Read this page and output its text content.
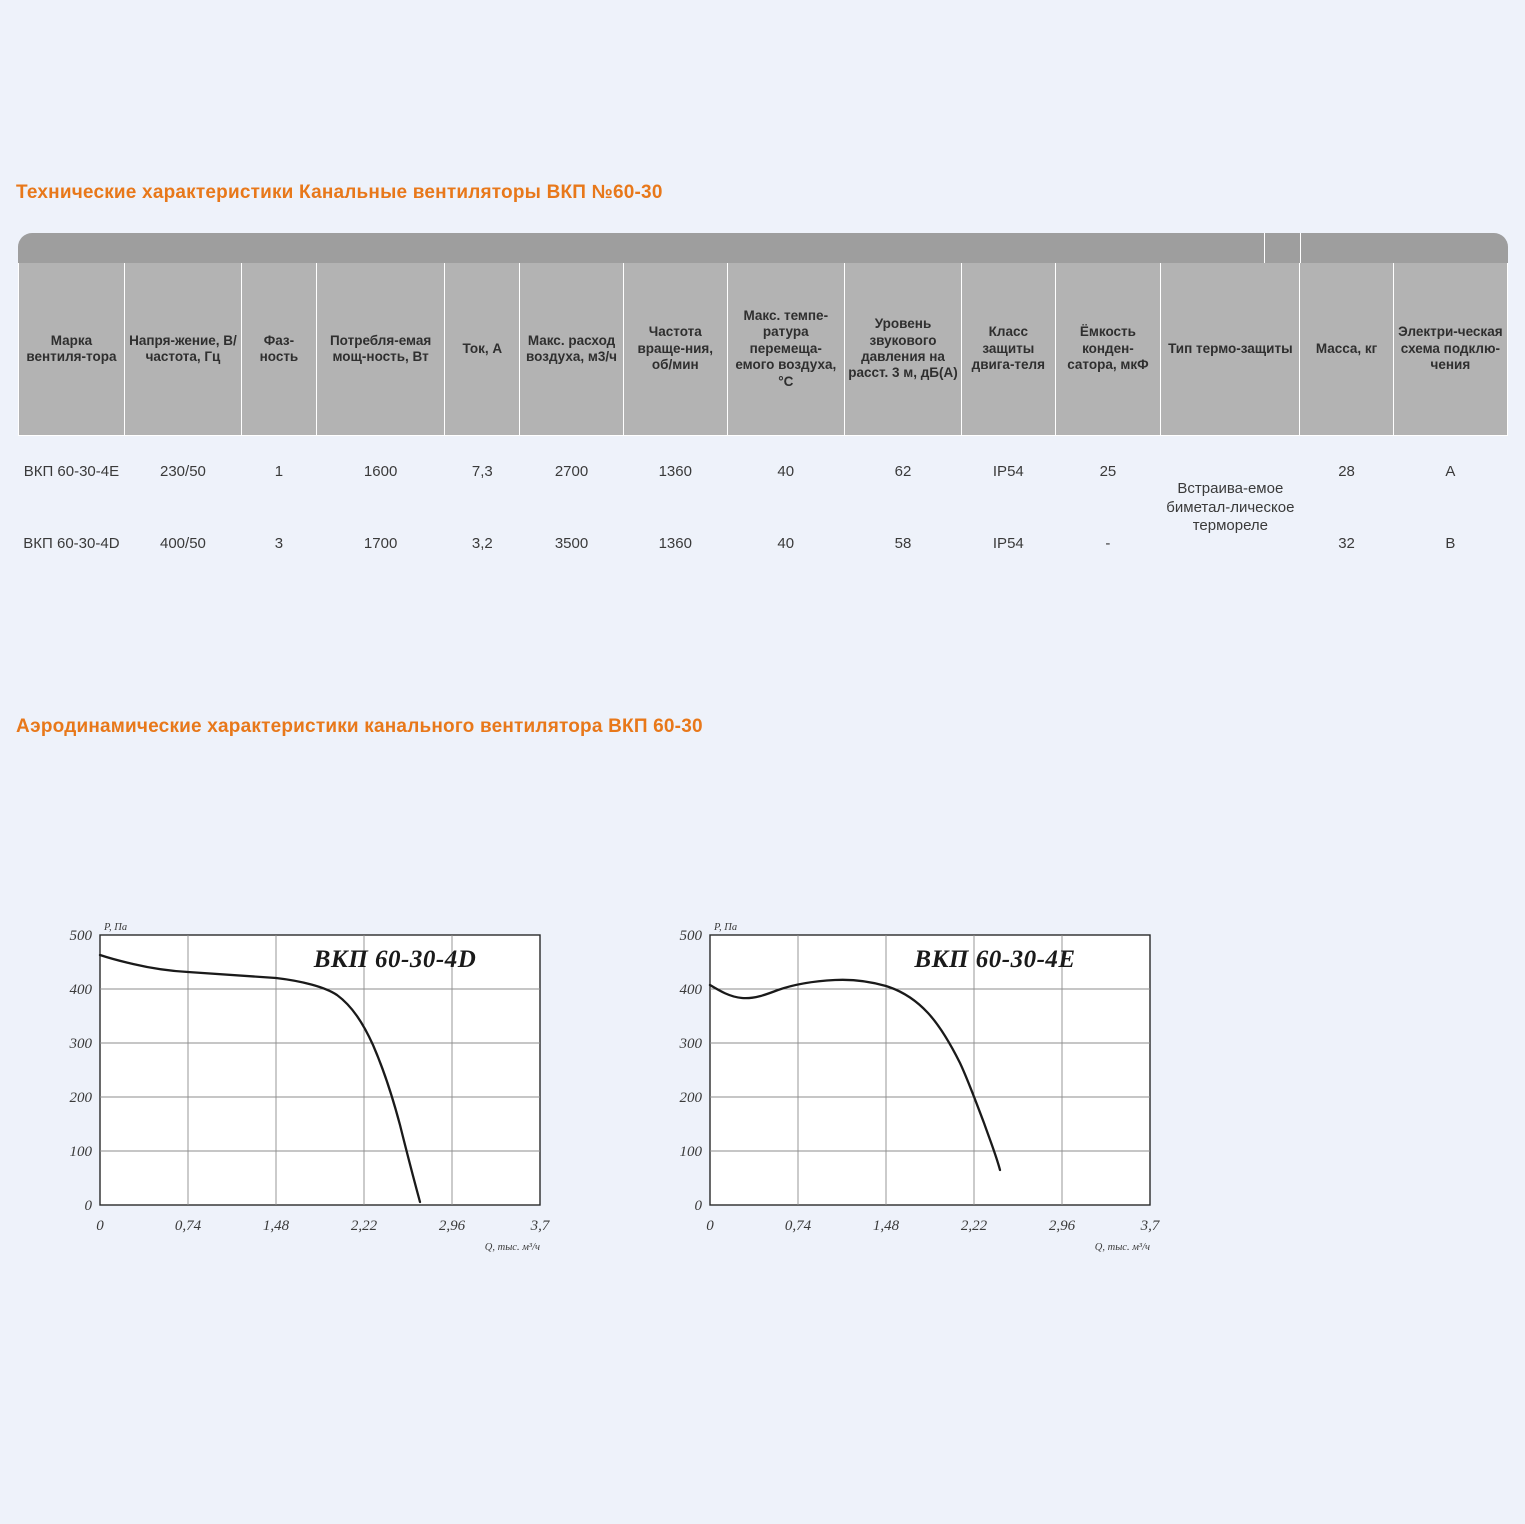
Технические характеристики Канальные вентиляторы ВКП №60-30
Марка вентиля-тора	Напря-жение, В/ частота, Гц	Фаз-ность	Потребля-емая мощ-ность, Вт	Ток, А	Макс. расход воздуха, м3/ч	Частота враще-ния, об/мин	Макс. темпе-ратура перемеща-емого воздуха, °C	Уровень звукового давления на расст. 3 м, дБ(А)	Класс защиты двига-теля	Ёмкость конден-сатора, мкФ	Тип термо-защиты	Масса, кг	Электри-ческая схема подклю-чения
ВКП 60-30-4E	230/50	1	1600	7,3	2700	1360	40	62	IP54	25	Встраива-емое биметал-лическое термореле	28	A
ВКП 60-30-4D	400/50	3	1700	3,2	3500	1360	40	58	IP54	-		32	B
Аэродинамические характеристики канального вентилятора ВКП 60-30
500
400
300
200
100
0
0	0,74	1,48	2,22	2,96	3,7
P, Па
Q, тыс. м³/ч
ВКП 60-30-4D
500
400
300
200
100
0
0	0,74	1,48	2,22	2,96	3,7
P, Па
Q, тыс. м³/ч
ВКП 60-30-4E
